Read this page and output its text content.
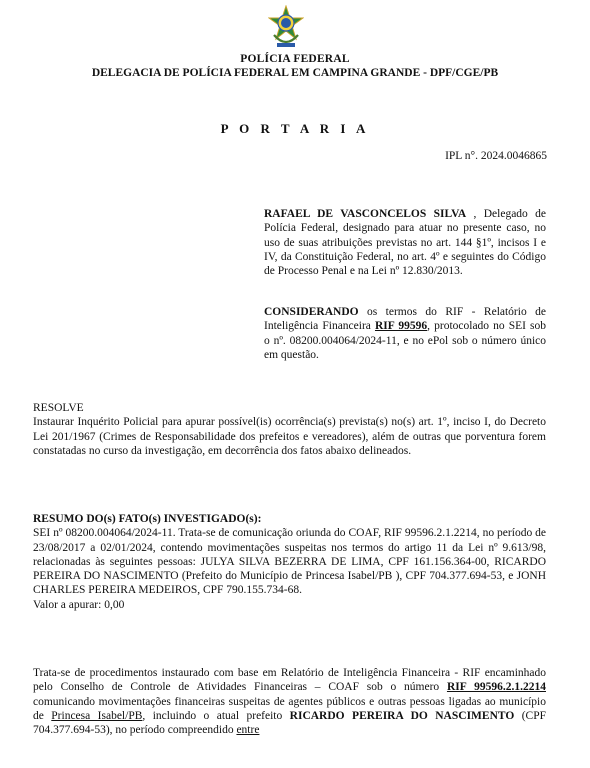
POLÍCIA FEDERAL
DELEGACIA DE POLÍCIA FEDERAL EM CAMPINA GRANDE - DPF/CGE/PB
P O R T A R I A
IPL n°. 2024.0046865
RAFAEL DE VASCONCELOS SILVA , Delegado de Polícia Federal, designado para atuar no presente caso, no uso de suas atribuições previstas no art. 144 §1º, incisos I e IV, da Constituição Federal, no art. 4º e seguintes do Código de Processo Penal e na Lei nº 12.830/2013.
CONSIDERANDO os termos do RIF - Relatório de Inteligência Financeira RIF 99596, protocolado no SEI sob o nº. 08200.004064/2024-11, e no ePol sob o número único em questão.

RESOLVE

Instaurar Inquérito Policial para apurar possível(is) ocorrência(s) prevista(s) no(s) art. 1º, inciso I, do Decreto Lei 201/1967 (Crimes de Responsabilidade dos prefeitos e vereadores), além de outras que porventura forem constatadas no curso da investigação, em decorrência dos fatos abaixo delineados.

RESUMO DO(s) FATO(s) INVESTIGADO(s):

SEI nº 08200.004064/2024-11. Trata-se de comunicação oriunda do COAF, RIF 99596.2.1.2214, no período de 23/08/2017 a 02/01/2024, contendo movimentações suspeitas nos termos do artigo 11 da Lei nº 9.613/98, relacionadas às seguintes pessoas: JULYA SILVA BEZERRA DE LIMA, CPF 161.156.364-00, RICARDO PEREIRA DO NASCIMENTO (Prefeito do Município de Princesa Isabel/PB ), CPF 704.377.694-53, e JONH CHARLES PEREIRA MEDEIROS, CPF 790.155.734-68.

Valor a apurar: 0,00

Trata-se de procedimentos instaurado com base em Relatório de Inteligência Financeira - RIF encaminhado pelo Conselho de Controle de Atividades Financeiras – COAF sob o número RIF 99596.2.1.2214 comunicando movimentações financeiras suspeitas de agentes públicos e outras pessoas ligadas ao município de Princesa Isabel/PB, incluindo o atual prefeito RICARDO PEREIRA DO NASCIMENTO (CPF 704.377.694-53), no período compreendido entre
